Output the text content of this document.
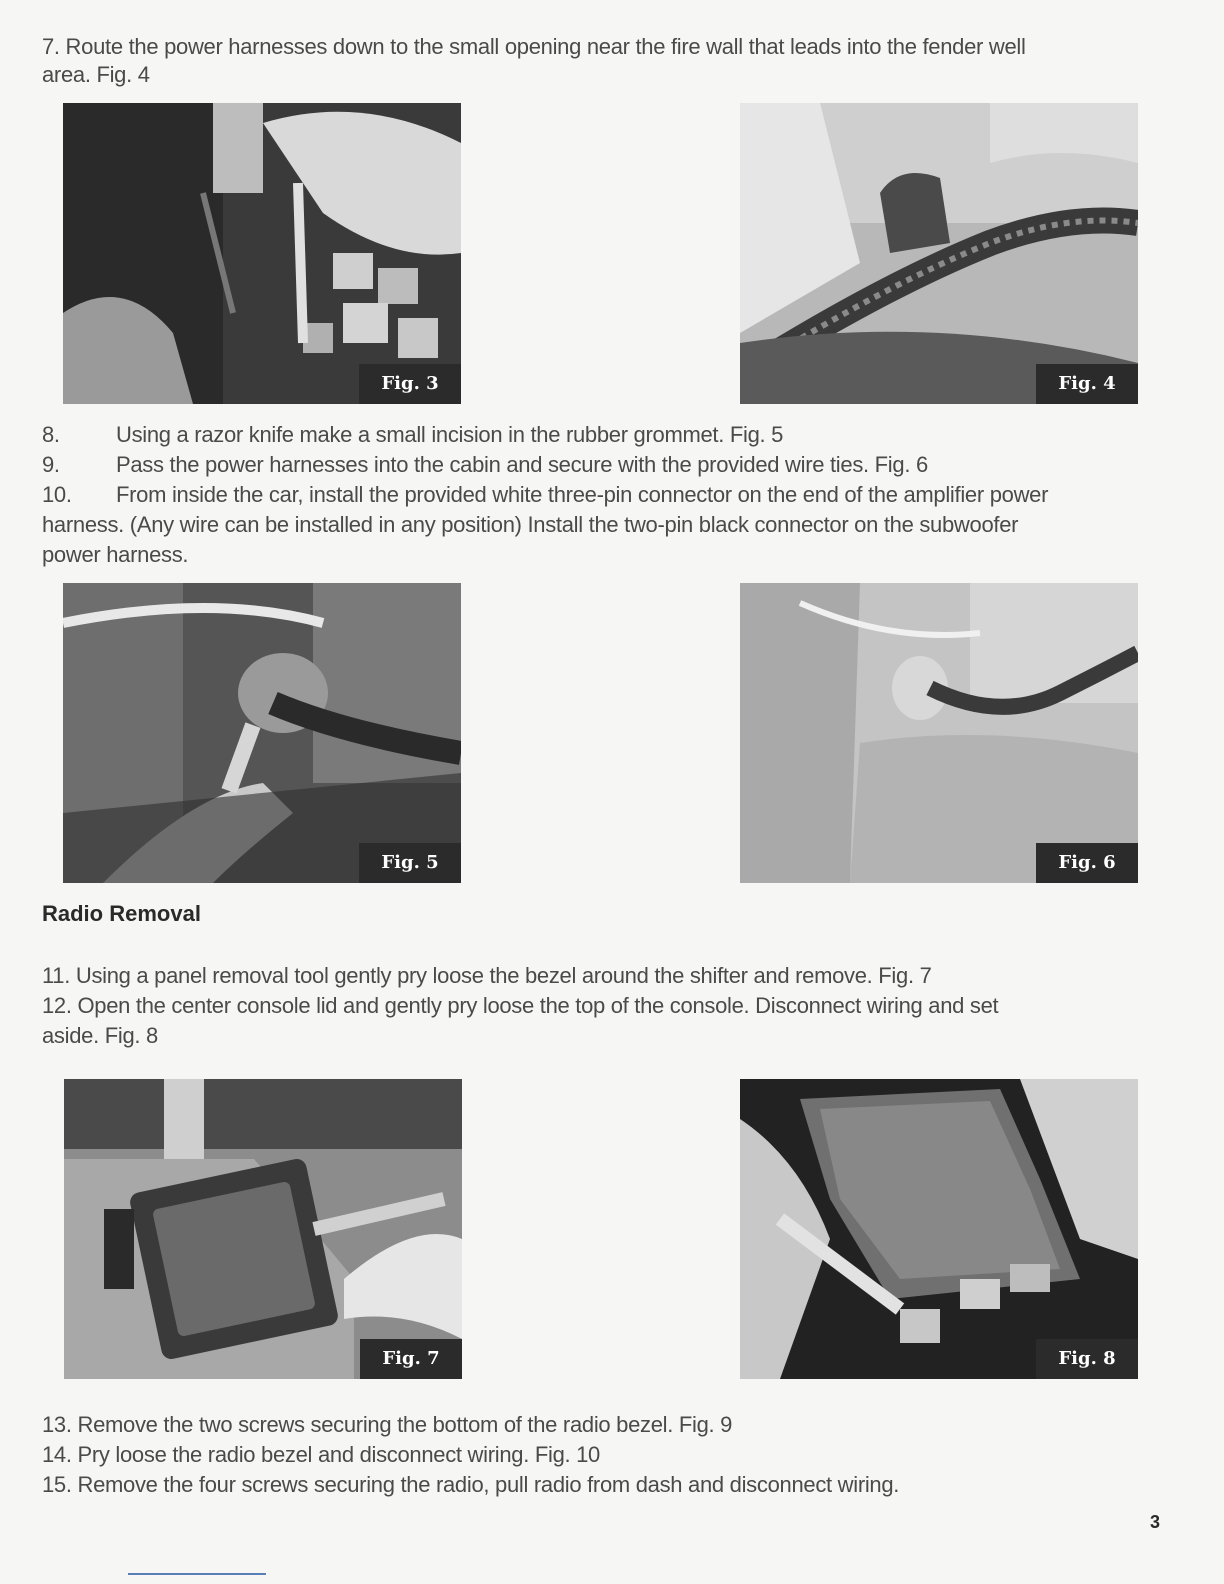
7. Route the power harnesses down to the small opening near the fire wall that leads into the fender well
area. Fig. 4
Fig. 3	Fig. 4
8.	Using a razor knife make a small incision in the rubber grommet. Fig. 5
9.	Pass the power harnesses into the cabin and secure with the provided wire ties. Fig. 6
10. From inside the car, install the provided white three-pin connector on the end of the amplifier power
harness. (Any wire can be installed in any position) Install the two-pin black connector on the subwoofer
power harness.
Fig. 5	Fig. 6
Radio Removal
11. Using a panel removal tool gently pry loose the bezel around the shifter and remove. Fig. 7
12. Open the center console lid and gently pry loose the top of the console. Disconnect wiring and set
aside. Fig. 8
Fig. 7	Fig. 8
13. Remove the two screws securing the bottom of the radio bezel. Fig. 9
14. Pry loose the radio bezel and disconnect wiring. Fig. 10
15. Remove the four screws securing the radio, pull radio from dash and disconnect wiring.
3
